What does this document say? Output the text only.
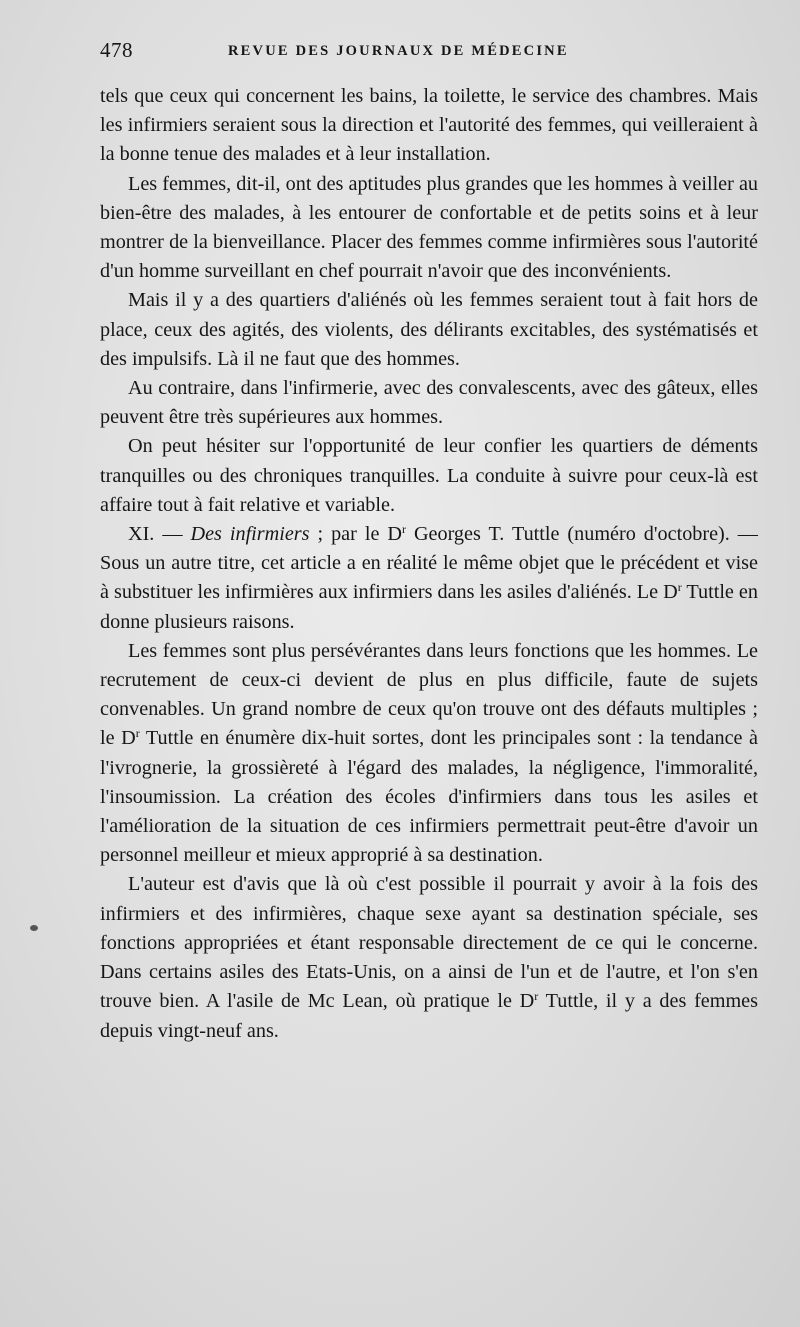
478	REVUE DES JOURNAUX DE MÉDECINE

tels que ceux qui concernent les bains, la toilette, le service des chambres. Mais les infirmiers seraient sous la direction et l'autorité des femmes, qui veilleraient à la bonne tenue des malades et à leur installation.

Les femmes, dit-il, ont des aptitudes plus grandes que les hommes à veiller au bien-être des malades, à les entourer de confortable et de petits soins et à leur montrer de la bienveillance. Placer des femmes comme infirmières sous l'autorité d'un homme surveillant en chef pourrait n'avoir que des inconvénients.

Mais il y a des quartiers d'aliénés où les femmes seraient tout à fait hors de place, ceux des agités, des violents, des délirants excitables, des systématisés et des impulsifs. Là il ne faut que des hommes.

Au contraire, dans l'infirmerie, avec des convalescents, avec des gâteux, elles peuvent être très supérieures aux hommes.

On peut hésiter sur l'opportunité de leur confier les quartiers de déments tranquilles ou des chroniques tranquilles. La conduite à suivre pour ceux-là est affaire tout à fait relative et variable.

XI. — Des infirmiers ; par le $D^r$ Georges T. Tuttle (numéro d'octobre). — Sous un autre titre, cet article a en réalité le même objet que le précédent et vise à substituer les infirmières aux infirmiers dans les asiles d'aliénés. Le $D^r$ Tuttle en donne plusieurs raisons.

Les femmes sont plus persévérantes dans leurs fonctions que les hommes. Le recrutement de ceux-ci devient de plus en plus difficile, faute de sujets convenables. Un grand nombre de ceux qu'on trouve ont des défauts multiples ; le $D^r$ Tuttle en énumère dix-huit sortes, dont les principales sont : la tendance à l'ivrognerie, la grossièreté à l'égard des malades, la négligence, l'immoralité, l'insoumission. La création des écoles d'infirmiers dans tous les asiles et l'amélioration de la situation de ces infirmiers permettrait peut-être d'avoir un personnel meilleur et mieux approprié à sa destination.

L'auteur est d'avis que là où c'est possible il pourrait y avoir à la fois des infirmiers et des infirmières, chaque sexe ayant sa destination spéciale, ses fonctions appropriées et étant responsable directement de ce qui le concerne. Dans certains asiles des Etats-Unis, on a ainsi de l'un et de l'autre, et l'on s'en trouve bien. A l'asile de Mc Lean, où pratique le $D^r$ Tuttle, il y a des femmes depuis vingt-neuf ans.
